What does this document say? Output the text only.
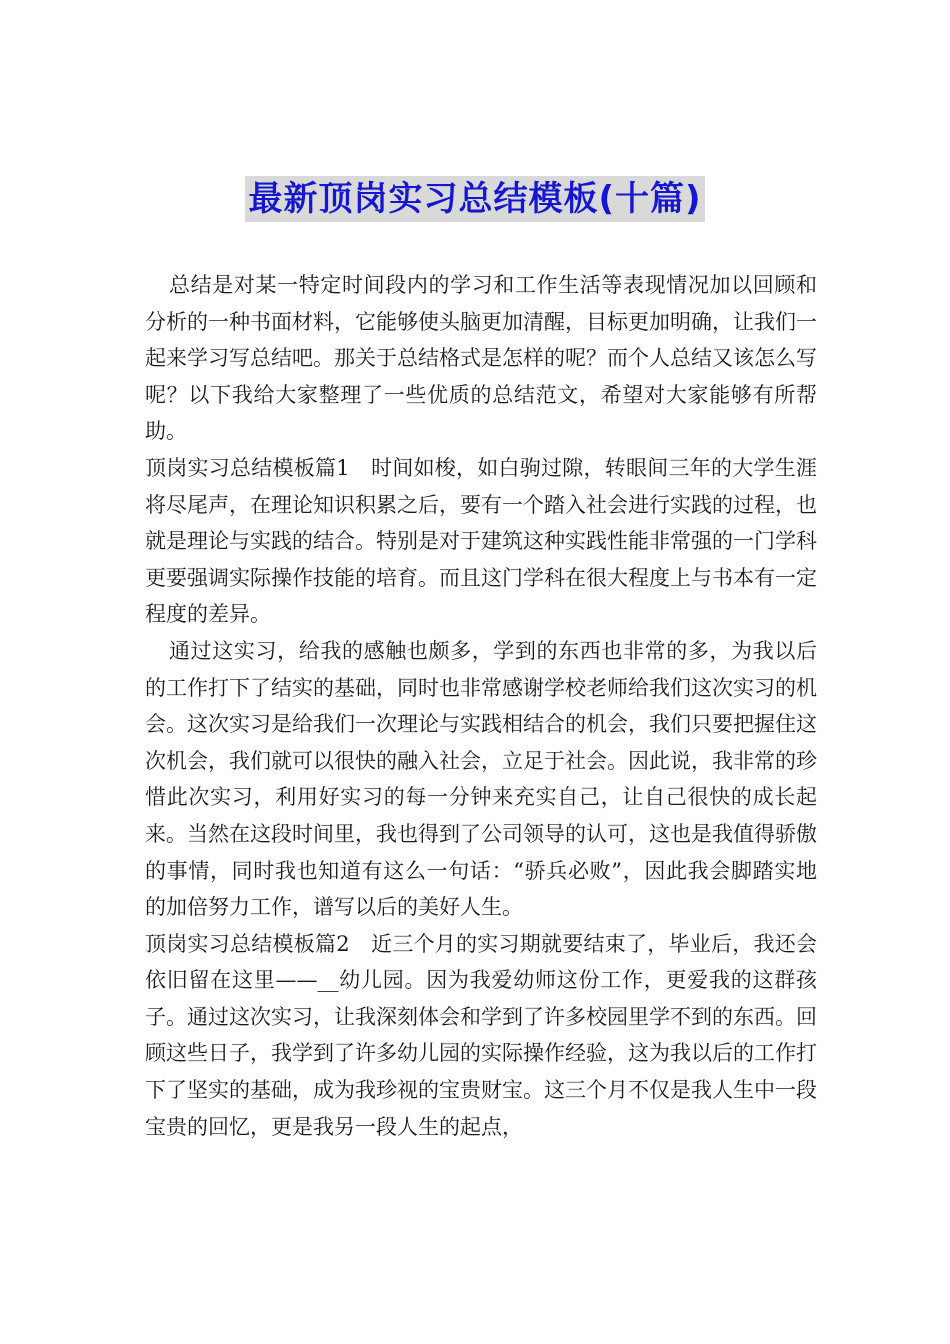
最新顶岗实习总结模板(十篇)

总结是对某一特定时间段内的学习和工作生活等表现情况加以回顾和分析的一种书面材料，它能够使头脑更加清醒，目标更加明确，让我们一起来学习写总结吧。那关于总结格式是怎样的呢？而个人总结又该怎么写呢？以下我给大家整理了一些优质的总结范文，希望对大家能够有所帮助。

顶岗实习总结模板篇1　时间如梭，如白驹过隙，转眼间三年的大学生涯将尽尾声，在理论知识积累之后，要有一个踏入社会进行实践的过程，也就是理论与实践的结合。特别是对于建筑这种实践性能非常强的一门学科更要强调实际操作技能的培育。而且这门学科在很大程度上与书本有一定程度的差异。

通过这实习，给我的感触也颇多，学到的东西也非常的多，为我以后的工作打下了结实的基础，同时也非常感谢学校老师给我们这次实习的机会。这次实习是给我们一次理论与实践相结合的机会，我们只要把握住这次机会，我们就可以很快的融入社会，立足于社会。因此说，我非常的珍惜此次实习，利用好实习的每一分钟来充实自己，让自己很快的成长起来。当然在这段时间里，我也得到了公司领导的认可，这也是我值得骄傲的事情，同时我也知道有这么一句话：“骄兵必败”，因此我会脚踏实地的加倍努力工作，谱写以后的美好人生。

顶岗实习总结模板篇2　近三个月的实习期就要结束了，毕业后，我还会依旧留在这里——__幼儿园。因为我爱幼师这份工作，更爱我的这群孩子。通过这次实习，让我深刻体会和学到了许多校园里学不到的东西。回顾这些日子，我学到了许多幼儿园的实际操作经验，这为我以后的工作打下了坚实的基础，成为我珍视的宝贵财宝。这三个月不仅是我人生中一段宝贵的回忆，更是我另一段人生的起点，
